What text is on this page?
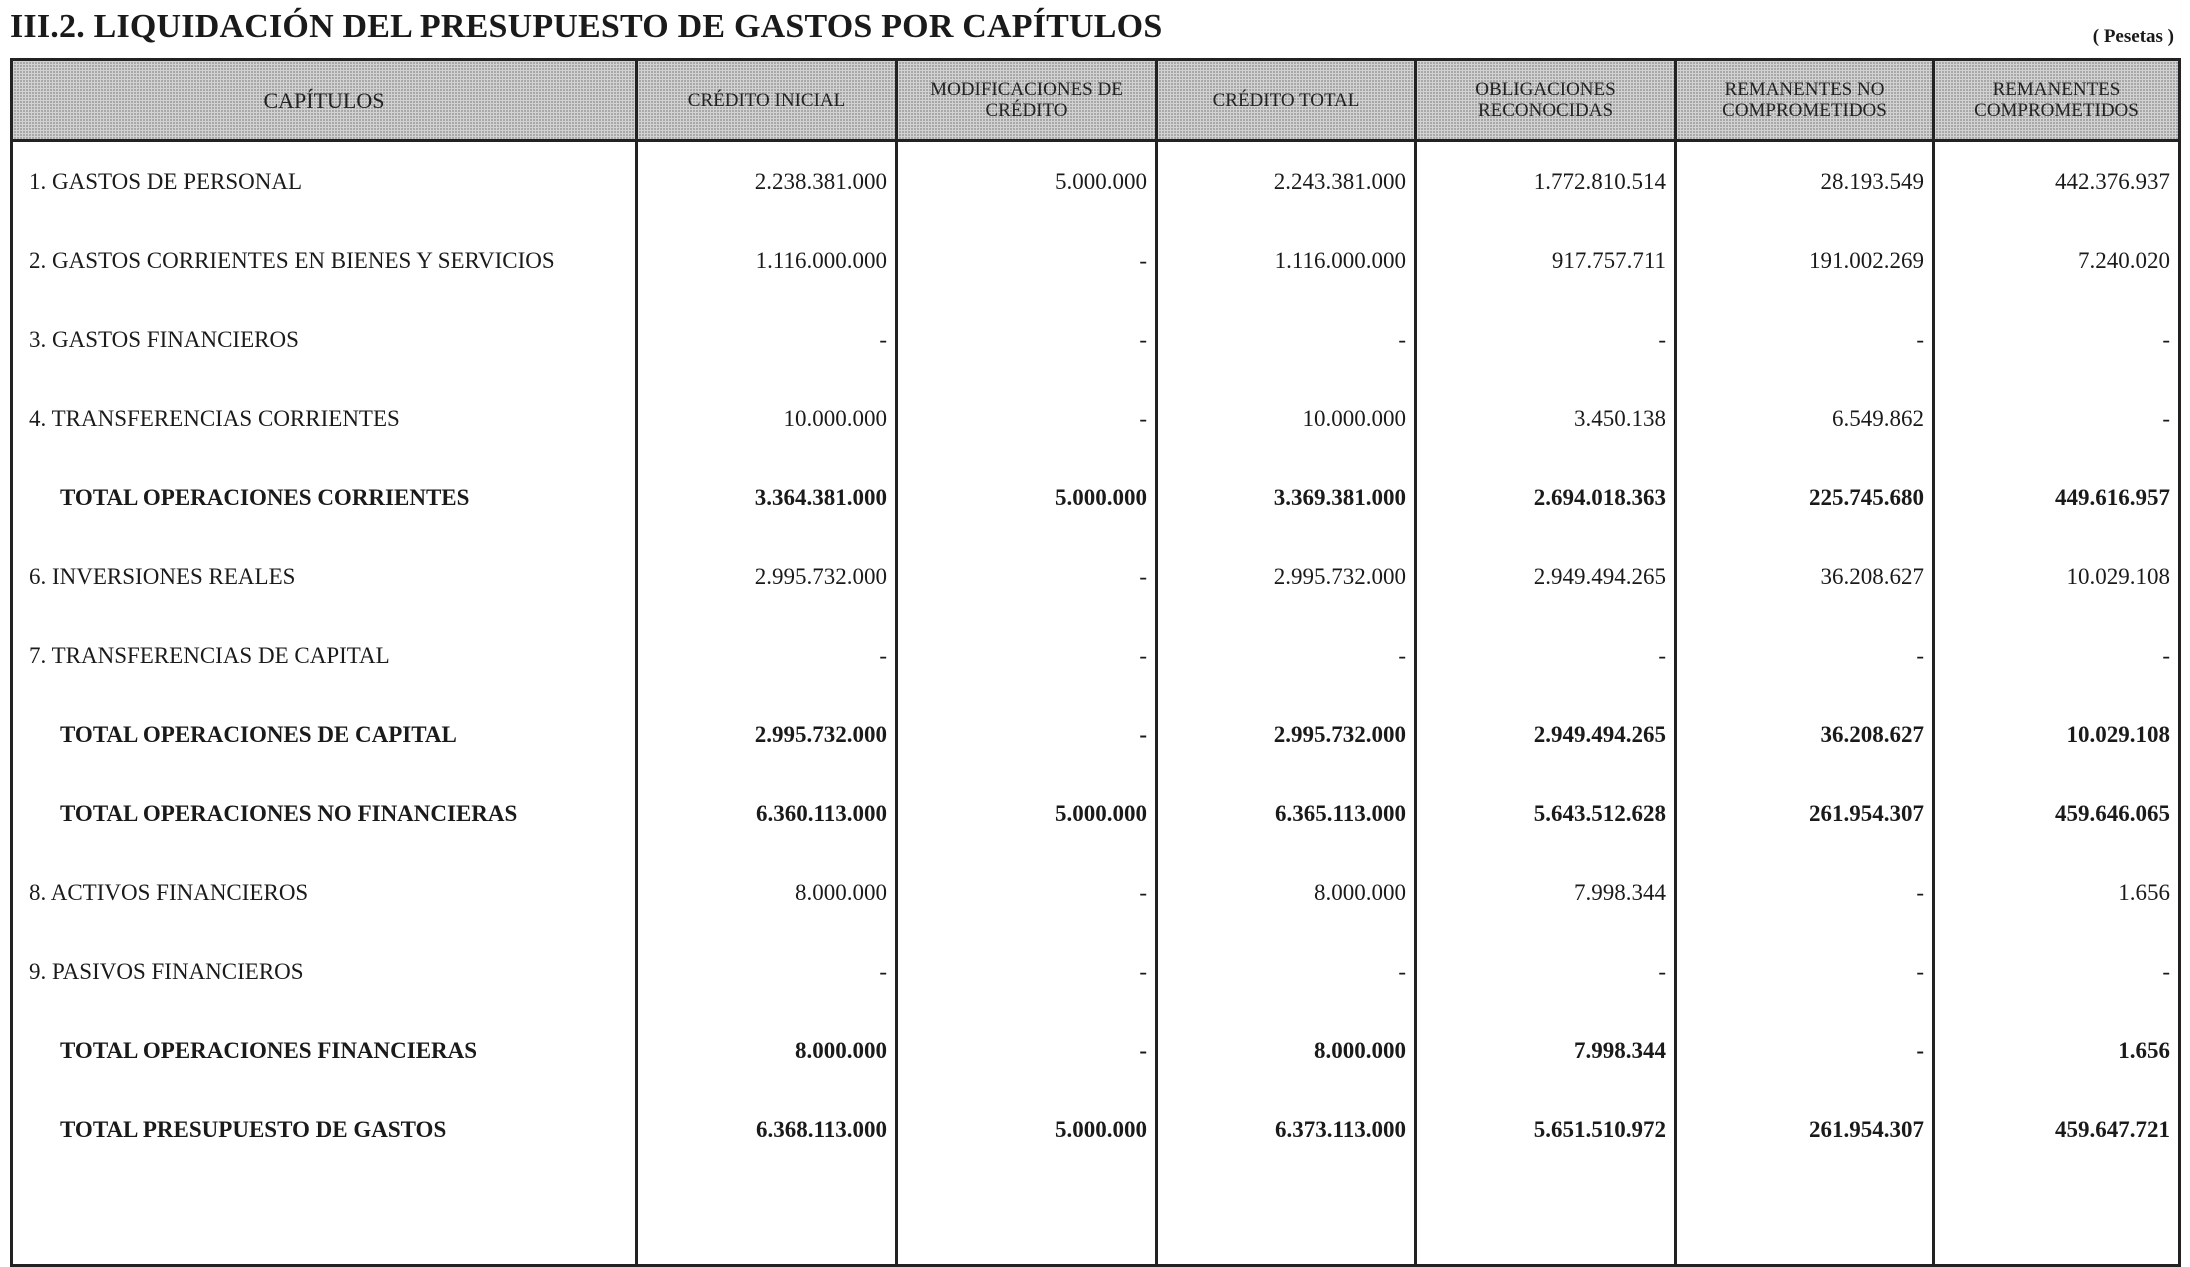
III.2. LIQUIDACIÓN DEL PRESUPUESTO DE GASTOS POR CAPÍTULOS	( Pesetas )
CAPÍTULOS	CRÉDITO INICIAL	MODIFICACIONES DE CRÉDITO	CRÉDITO TOTAL	OBLIGACIONES RECONOCIDAS	REMANENTES NO COMPROMETIDOS	REMANENTES COMPROMETIDOS
1. GASTOS DE PERSONAL	2.238.381.000	5.000.000	2.243.381.000	1.772.810.514	28.193.549	442.376.937
2. GASTOS CORRIENTES EN BIENES Y SERVICIOS	1.116.000.000	-	1.116.000.000	917.757.711	191.002.269	7.240.020
3. GASTOS FINANCIEROS	-	-	-	-	-	-
4. TRANSFERENCIAS CORRIENTES	10.000.000	-	10.000.000	3.450.138	6.549.862	-
TOTAL OPERACIONES CORRIENTES	3.364.381.000	5.000.000	3.369.381.000	2.694.018.363	225.745.680	449.616.957
6. INVERSIONES REALES	2.995.732.000	-	2.995.732.000	2.949.494.265	36.208.627	10.029.108
7. TRANSFERENCIAS DE CAPITAL	-	-	-	-	-	-
TOTAL OPERACIONES DE CAPITAL	2.995.732.000	-	2.995.732.000	2.949.494.265	36.208.627	10.029.108
TOTAL OPERACIONES NO FINANCIERAS	6.360.113.000	5.000.000	6.365.113.000	5.643.512.628	261.954.307	459.646.065
8. ACTIVOS FINANCIEROS	8.000.000	-	8.000.000	7.998.344	-	1.656
9. PASIVOS FINANCIEROS	-	-	-	-	-	-
TOTAL OPERACIONES FINANCIERAS	8.000.000	-	8.000.000	7.998.344	-	1.656
TOTAL PRESUPUESTO DE GASTOS	6.368.113.000	5.000.000	6.373.113.000	5.651.510.972	261.954.307	459.647.721
